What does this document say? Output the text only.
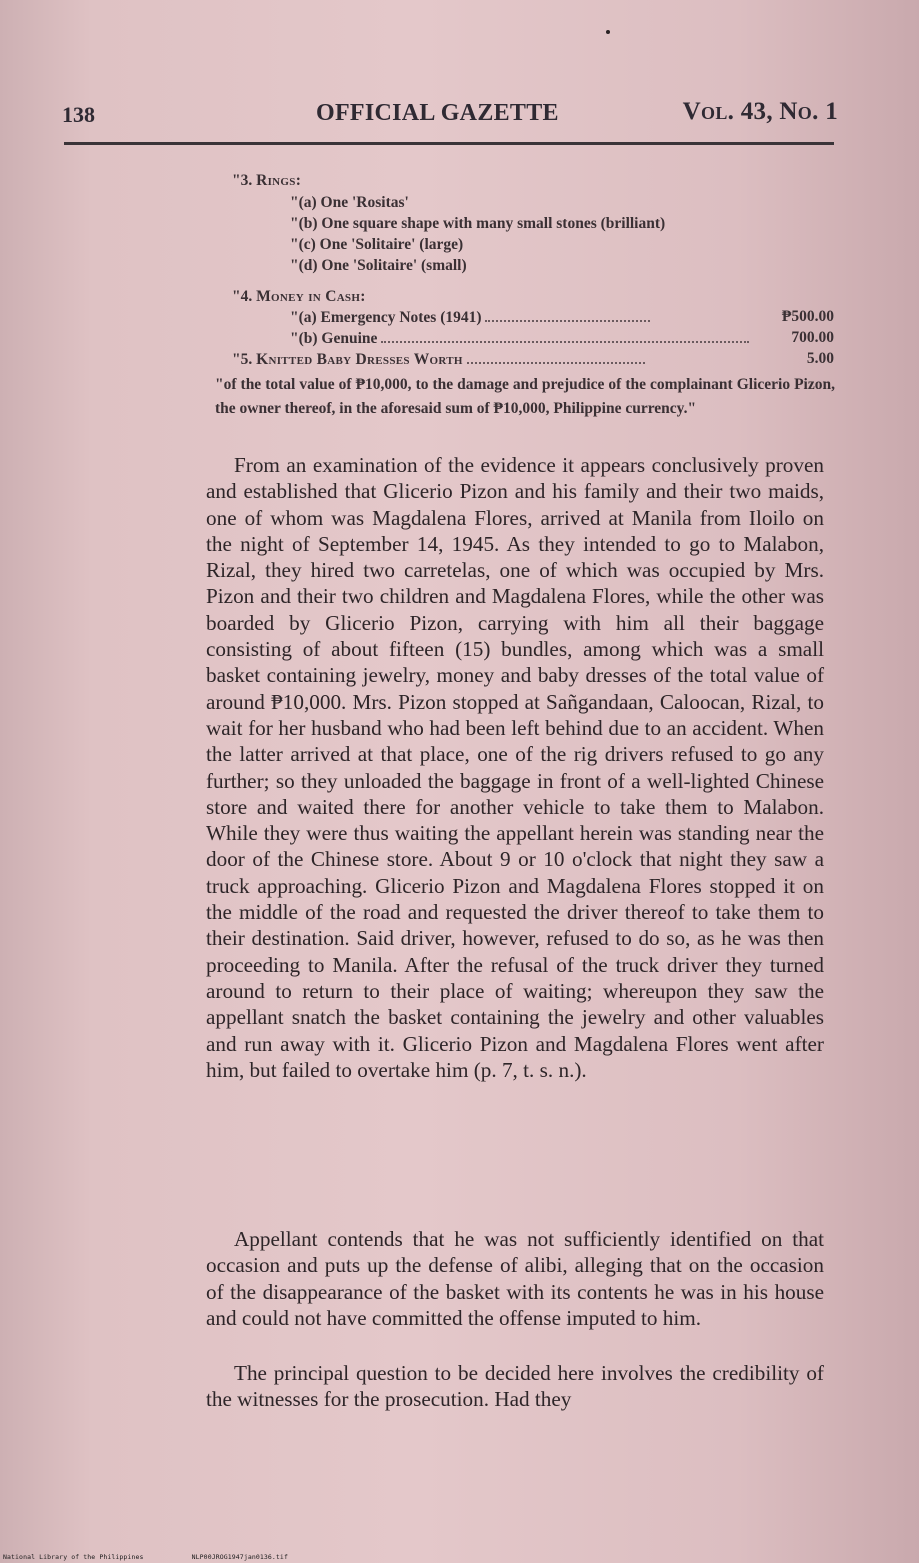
138	OFFICIAL GAZETTE	Vol. 43, No. 1
"3. Rings:
"(a) One 'Rositas'
"(b) One square shape with many small stones (brilliant)
"(c) One 'Solitaire' (large)
"(d) One 'Solitaire' (small)
"4. Money in Cash:
"(a) Emergency Notes (1941)	₱500.00
"(b) Genuine	700.00
"5. Knitted Baby Dresses Worth	5.00
"of the total value of ₱10,000, to the damage and prejudice of the complainant Glicerio Pizon, the owner thereof, in the aforesaid sum of ₱10,000, Philippine currency."
From an examination of the evidence it appears conclusively proven and established that Glicerio Pizon and his family and their two maids, one of whom was Magdalena Flores, arrived at Manila from Iloilo on the night of September 14, 1945. As they intended to go to Malabon, Rizal, they hired two carretelas, one of which was occupied by Mrs. Pizon and their two children and Magdalena Flores, while the other was boarded by Glicerio Pizon, carrying with him all their baggage consisting of about fifteen (15) bundles, among which was a small basket containing jewelry, money and baby dresses of the total value of around ₱10,000. Mrs. Pizon stopped at Sañgandaan, Caloocan, Rizal, to wait for her husband who had been left behind due to an accident. When the latter arrived at that place, one of the rig drivers refused to go any further; so they unloaded the baggage in front of a well-lighted Chinese store and waited there for another vehicle to take them to Malabon. While they were thus waiting the appellant herein was standing near the door of the Chinese store. About 9 or 10 o'clock that night they saw a truck approaching. Glicerio Pizon and Magdalena Flores stopped it on the middle of the road and requested the driver thereof to take them to their destination. Said driver, however, refused to do so, as he was then proceeding to Manila. After the refusal of the truck driver they turned around to return to their place of waiting; whereupon they saw the appellant snatch the basket containing the jewelry and other valuables and run away with it. Glicerio Pizon and Magdalena Flores went after him, but failed to overtake him (p. 7, t. s. n.).
Appellant contends that he was not sufficiently identified on that occasion and puts up the defense of alibi, alleging that on the occasion of the disappearance of the basket with its contents he was in his house and could not have committed the offense imputed to him.
The principal question to be decided here involves the credibility of the witnesses for the prosecution. Had they
National Library of the Philippines	NLP00JROG1947jan0136.tif
